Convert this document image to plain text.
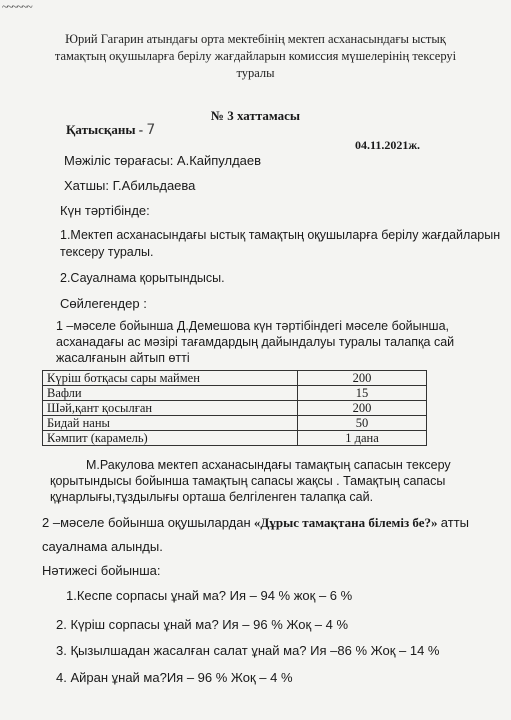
~~~~~~
Юрий Гагарин атындағы орта мектебінің мектеп асханасындағы ыстық
тамақтың оқушыларға берілу жағдайларын комиссия мүшелерінің тексеруі
туралы
№ 3 хаттамасы
Қатысқаны - 7
04.11.2021ж.
Мәжіліс төрағасы: А.Кайпулдаев
Хатшы: Г.Абильдаева
Күн тәртібінде:
1.Мектеп асханасындағы ыстық тамақтың оқушыларға берілу жағдайларын
тексеру туралы.
2.Сауалнама қорытындысы.
Сөйлегендер :
1 –мәселе бойынша Д.Демешова күн тәртібіндегі мәселе бойынша,
асханадағы ас мәзірі тағамдардың дайындалуы туралы талапқа сай
жасалғанын айтып өтті
Күріш ботқасы сары маймен	200
Вафли	15
Шәй,қант қосылған	200
Бидай наны	50
Кәмпит (карамель)	1 дана
М.Ракулова мектеп асханасындағы тамақтың сапасын тексеру
қорытындысы бойынша тамақтың сапасы жақсы . Тамақтың сапасы
құнарлығы,тұздылығы орташа белгіленген талапқа сай.
2 –мәселе бойынша оқушылардан «Дұрыс тамақтана білеміз бе?» атты
сауалнама алынды.
Нәтижесі бойынша:
1.Кеспе сорпасы ұнай ма? Ия – 94 % жоқ – 6 %
2. Күріш сорпасы ұнай ма? Ия – 96 % Жоқ – 4 %
3. Қызылшадан жасалған салат ұнай ма? Ия –86 % Жоқ – 14 %
4. Айран ұнай ма?Ия – 96 % Жоқ – 4 %
